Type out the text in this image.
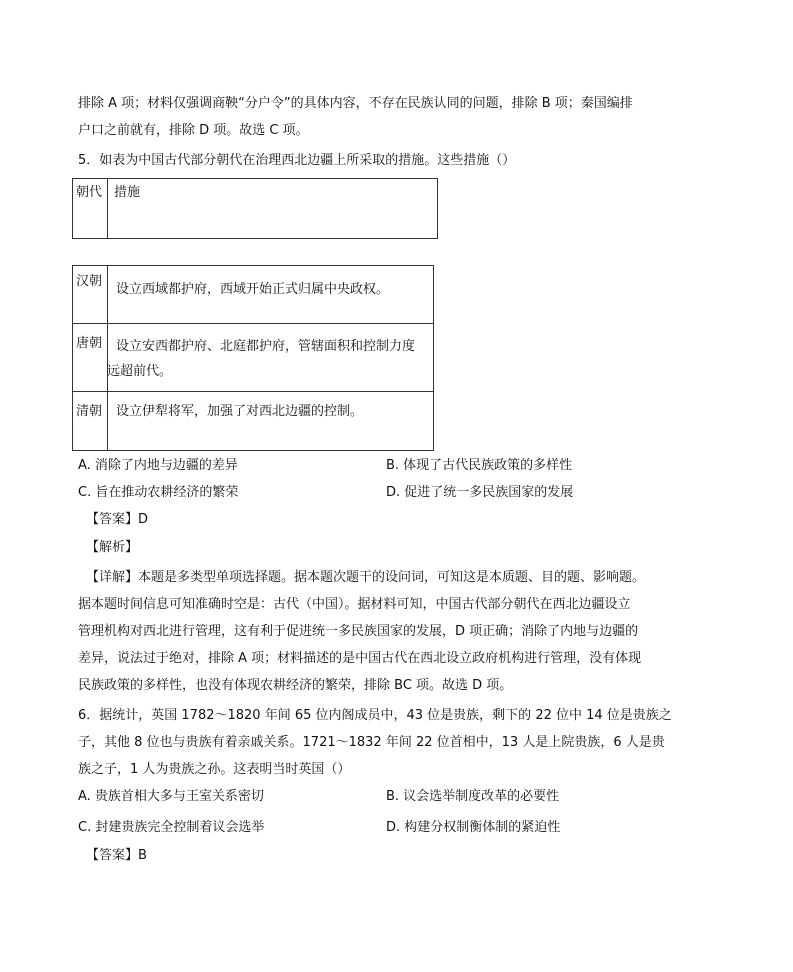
排除 A 项；材料仅强调商鞅“分户令”的具体内容，不存在民族认同的问题，排除 B 项；秦国编排
户口之前就有，排除 D 项。故选 C 项。
5．如表为中国古代部分朝代在治理西北边疆上所采取的措施。这些措施（）
朝代	措施
汉朝	设立西域都护府，西域开始正式归属中央政权。

唐朝	设立安西都护府、北庭都护府，管辖面积和控制力度
远超前代。

清朝	设立伊犁将军，加强了对西北边疆的控制。
A. 消除了内地与边疆的差异	B. 体现了古代民族政策的多样性
C. 旨在推动农耕经济的繁荣	D. 促进了统一多民族国家的发展
【答案】D
【解析】
【详解】本题是多类型单项选择题。据本题次题干的设问词，可知这是本质题、目的题、影响题。
据本题时间信息可知准确时空是：古代（中国）。据材料可知，中国古代部分朝代在西北边疆设立
管理机构对西北进行管理，这有利于促进统一多民族国家的发展，D 项正确；消除了内地与边疆的
差异，说法过于绝对，排除 A 项；材料描述的是中国古代在西北设立政府机构进行管理，没有体现
民族政策的多样性，也没有体现农耕经济的繁荣，排除 BC 项。故选 D 项。
6．据统计，英国 1782～1820 年间 65 位内阁成员中，43 位是贵族，剩下的 22 位中 14 位是贵族之
子，其他 8 位也与贵族有着亲戚关系。1721～1832 年间 22 位首相中，13 人是上院贵族，6 人是贵
族之子，1 人为贵族之孙。这表明当时英国（）
A. 贵族首相大多与王室关系密切	B. 议会选举制度改革的必要性
C. 封建贵族完全控制着议会选举	D. 构建分权制衡体制的紧迫性
【答案】B
